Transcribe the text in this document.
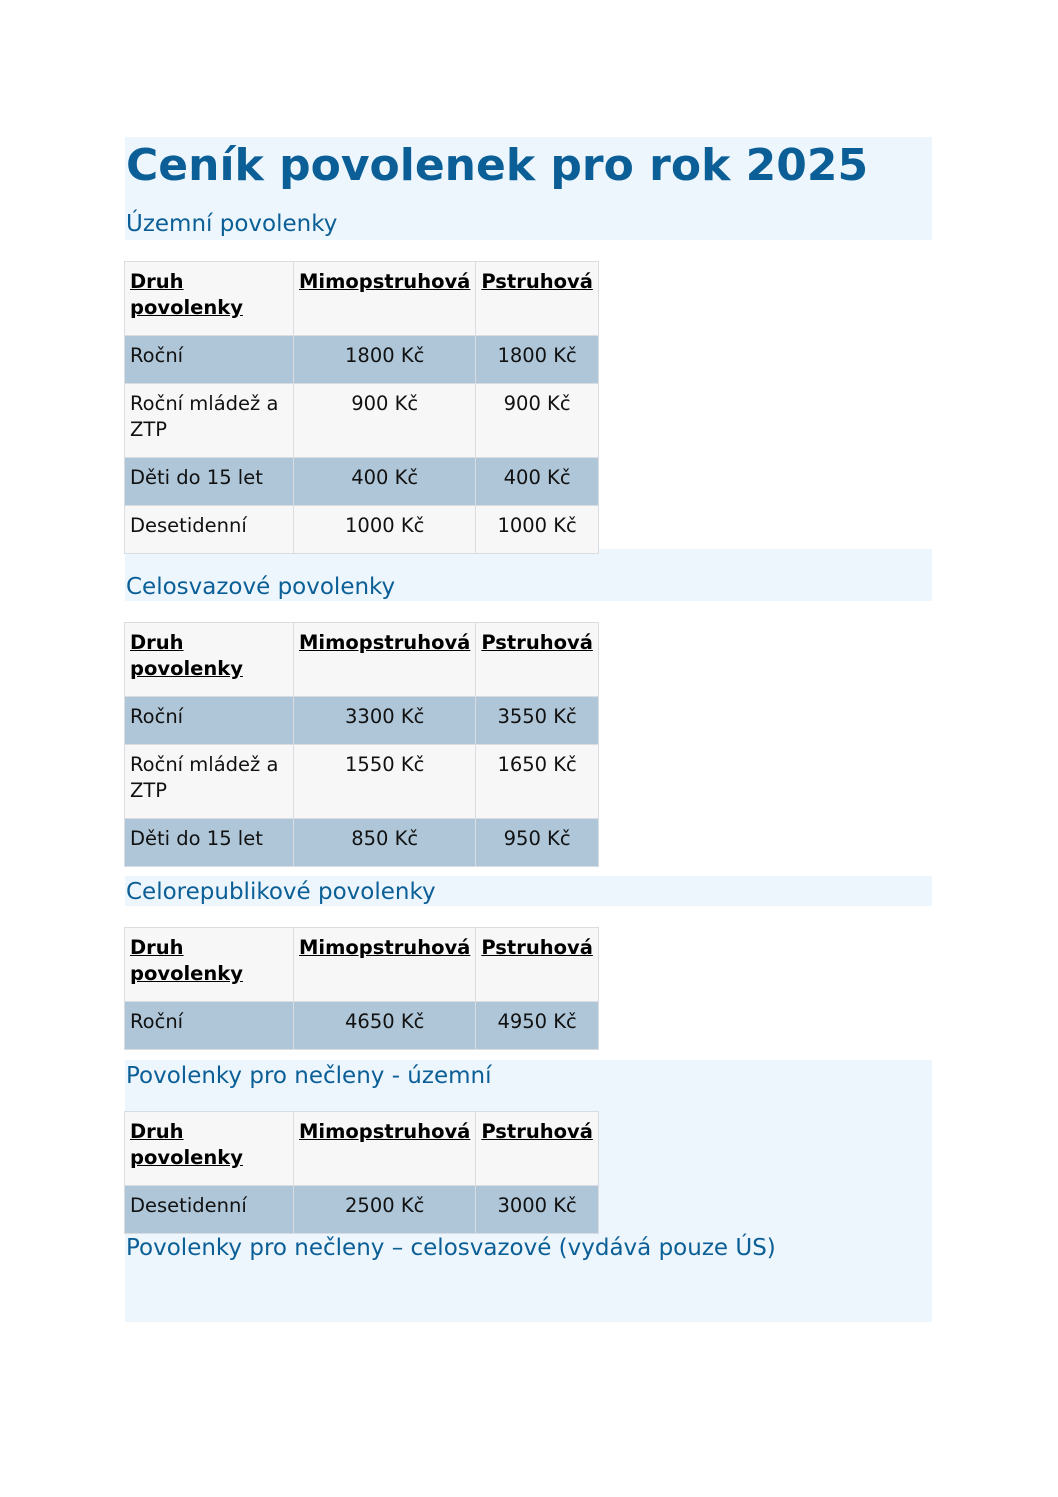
Ceník povolenek pro rok 2025
Územní povolenky
Druh povolenky	Mimopstruhová	Pstruhová
Roční	1800 Kč	1800 Kč
Roční mládež a ZTP	900 Kč	900 Kč
Děti do 15 let	400 Kč	400 Kč
Desetidenní	1000 Kč	1000 Kč
Celosvazové povolenky
Druh povolenky	Mimopstruhová	Pstruhová
Roční	3300 Kč	3550 Kč
Roční mládež a ZTP	1550 Kč	1650 Kč
Děti do 15 let	850 Kč	950 Kč
Celorepublikové povolenky
Druh povolenky	Mimopstruhová	Pstruhová
Roční	4650 Kč	4950 Kč
Povolenky pro nečleny - územní
Druh povolenky	Mimopstruhová	Pstruhová
Desetidenní	2500 Kč	3000 Kč
Povolenky pro nečleny – celosvazové (vydává pouze ÚS)
